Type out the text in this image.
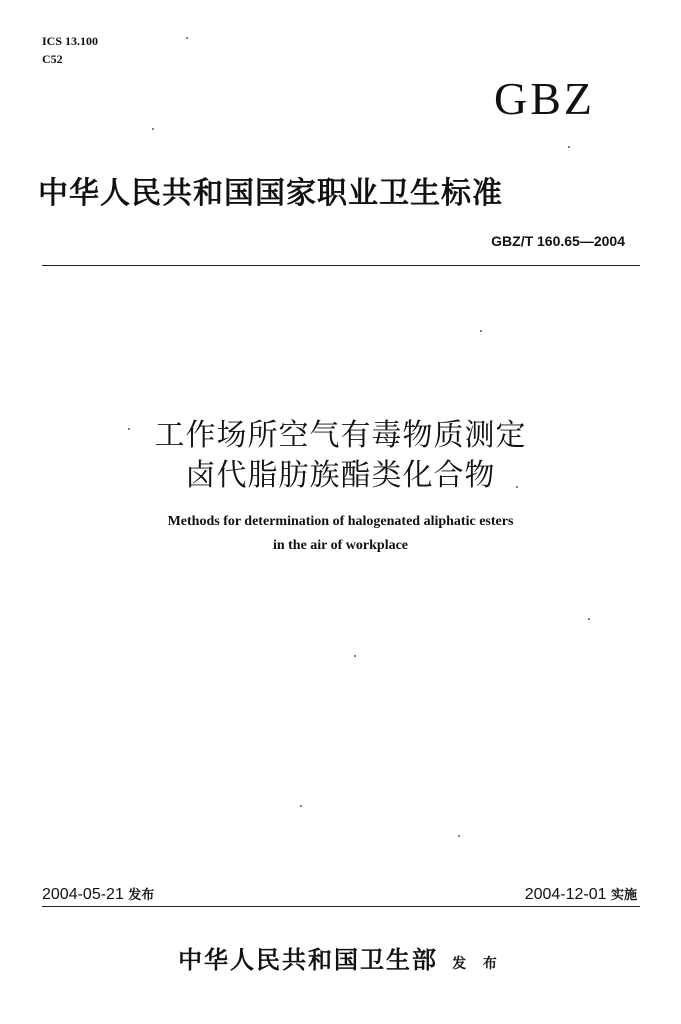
ICS 13.100
C52
GBZ
中华人民共和国国家职业卫生标准
GBZ/T 160.65—2004
工作场所空气有毒物质测定
卤代脂肪族酯类化合物
Methods for determination of halogenated aliphatic esters
in the air of workplace
2004-05-21 发布	2004-12-01 实施
中华人民共和国卫生部 发 布
